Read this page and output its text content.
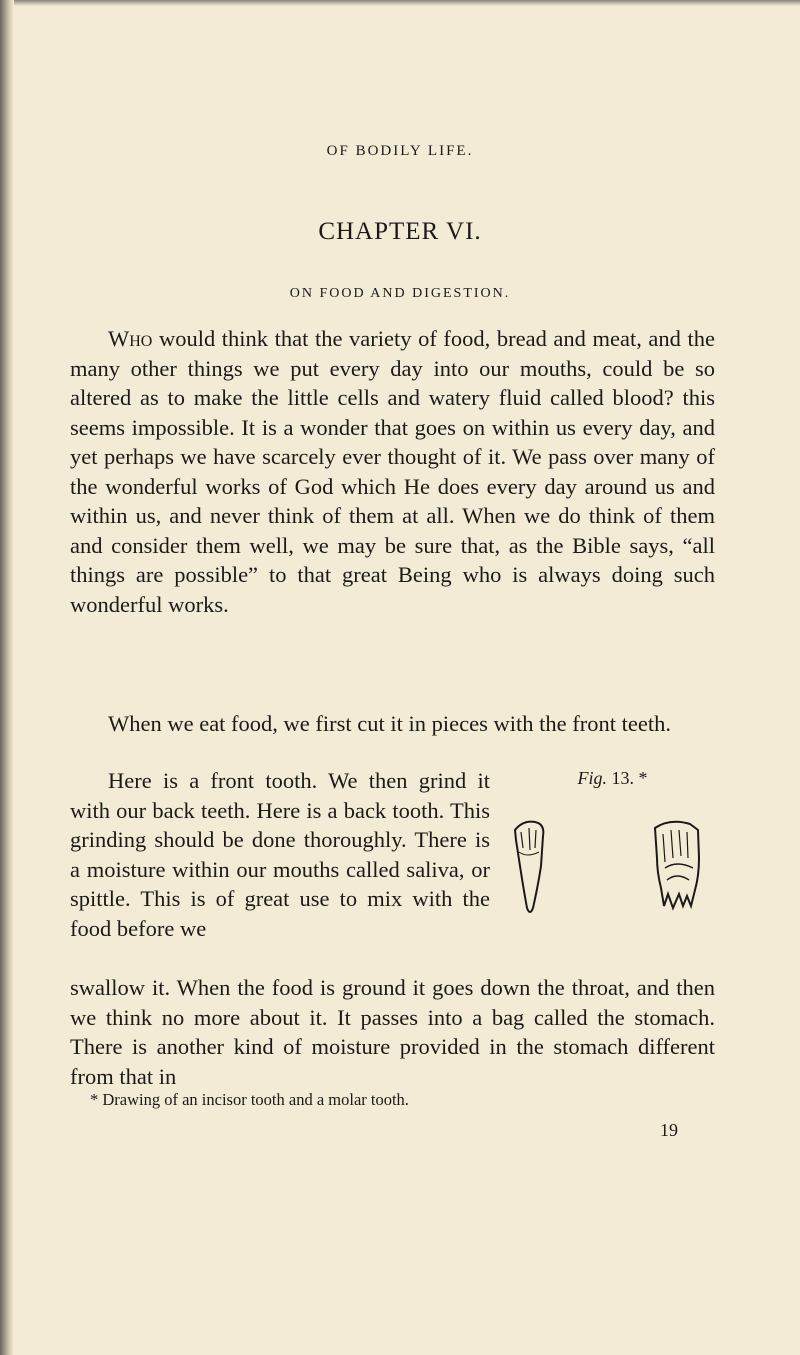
OF BODILY LIFE.
CHAPTER VI.
ON FOOD AND DIGESTION.

Who would think that the variety of food, bread and meat, and the many other things we put every day into our mouths, could be so altered as to make the little cells and watery fluid called blood? this seems impossible. It is a wonder that goes on within us every day, and yet perhaps we have scarcely ever thought of it. We pass over many of the wonderful works of God which He does every day around us and within us, and never think of them at all. When we do think of them and consider them well, we may be sure that, as the Bible says, “all things are possible” to that great Being who is always doing such wonderful works.

When we eat food, we first cut it in pieces with the front teeth.

Here is a front tooth. We then grind it with our back teeth. Here is a back tooth. This grinding should be done thoroughly. There is a moisture within our mouths called saliva, or spittle. This is of great use to mix with the food before we

Fig. 13. *

swallow it. When the food is ground it goes down the throat, and then we think no more about it. It passes into a bag called the stomach. There is another kind of moisture provided in the stomach different from that in

* Drawing of an incisor tooth and a molar tooth.
19
